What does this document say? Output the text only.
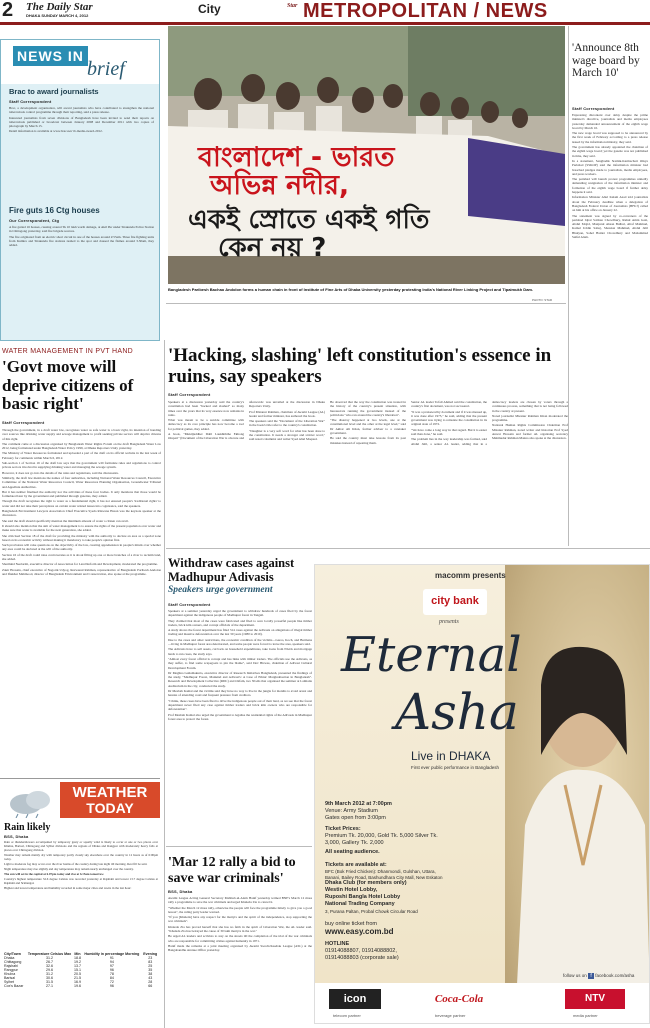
2 The Daily Star
DHAKA SUNDAY MARCH 4, 2012	City	Star METROPOLITAN / NEWS
NEWS IN
brief
Brac to award journalists
Staff Correspondent

Brac, a development organisation, will award journalists who have contributed to strengthen the national tuberculosis control programme through their reporting, said a press release.

Interested journalists from seven divisions of Bangladesh have been invited to send their reports on tuberculosis published or broadcast between January 2008 and December 2011 with two copies of photograph by March 15.

Detail information is available at www.brac.net/ tb-media-award-2012.

Fire guts 16 Ctg houses
Our Correspondent, Ctg

A fire gutted 16 houses, causing around Tk 10 lakh worth damage, at Akil Pur under Sitakunda Police Station in Chittagong yesterday, said fire brigade sources.

The fire originated from an electric short circuit in one of the houses around 2:55am. Three fire fighting units from Kumira and Sitakunda fire stations rushed to the spot and doused the flames around 3.30am, they added.

বাংলাদেশ - ভারত
অভিন্ন নদীর,
একই স্রোতে একই গতি
কেন নয় ?
Bangladesh Paribesh Bachao Andolon forms a human chain in front of Institute of Fine Arts of Dhaka University yesterday protesting India's National River Linking Project and Tipaimukh Dam.
PHOTO: STAR
'Announce 8th wage board by March 10'
Staff Correspondent

Expressing discontent over delay despite the prime minister's directive, journalists and media employees yesterday demanded announcement of the eighth wage board by March 10.

The new wage board was supposed to be announced by the first week of February according to a press release issued by the information ministry, they said.

The government has already appointed the chairman of the eighth wage board; yet the gazette was not published in time, they said.

In a statement, Sangbadik Sramik-Karmachari Oikya Parishad (SSKOP) said the information minister had breached pledges made to journalists, media employees, and press workers.

The parishad will launch protest programmes unitedly demanding resignation of the information minister and formation of the eighth wage board if further delay happens it said.

Information Minister Abul Kalam Azad told journalists about the February deadline when a delegation of Bangladesh Federal Union of Journalists (BFUJ) called on him at his office on January 22.

The statement was signed by co-conveners of the parishad Iqbal Sobhan Chowdhury, Ruhul Amin Gazi, Abdul Mojid, Manjurul Ahsan Bulbul, Altaf Mahmud, Kamal Uddin Sabuj, Shawkat Mahmud, Abdul Jalil Bhuiyan, Sohel Haider Chowdhury and Mohammad Saiful Alam.

WATER MANAGEMENT IN PVT HAND
'Govt move will deprive citizens of basic right'
Staff Correspondent

Through the government, in a draft water law, recognises water as safe water is a basic right, its intention of handing over sources like drinking water supply and sewage management to profit seeking private sectors will deprive citizens of this right.

The comment came at a discussion organised by Bangladesh Water Rights Forum on the draft Bangladesh Water Law 2012, being formulated under Bangladesh Water Policy 1999, at Dhaka Reporters Unity yesterday.

The Ministry of Water Resources formulated and uploaded a part of the draft on its official website in the last week of February for comments within March 6, 2012.

Sub-section 1 of Section 16 of the draft law says that the government will formulate rules and regulations to control private sectors involved in supplying drinking water and managing the sewage system.

However, it does not go into the details of the rules and regulations, said the discussants.

Similarly, the draft law mentions the names of four authorities, including National Water Resources Council, Executive Committee of the National Water Resources Council, Water Resources Planning Organisation, Groundwater Tribunal and Appellate Authorities.

But it has neither finalised the authority nor the activities of these four bodies. It only mentions that those would be formulated later by the government and published through gazettes, they added.

Though the draft recognises the right to water as a fundamental right, it has not ensured people's 'traditional rights' to water and did not take their perceptions on certain water related issues into cognisance, said the speakers.

Bangladesh Environment Lawyers Association Chief Executive Syeda Rizwana Hasan was the keynote speaker at the discussion.

She said the draft should specifically mention the minimum amount of water a citizen can avail.

It should also mention that the aim of water management is to ensure the rights of the present population over water and make sure that water is available for the next generation, she added.

She criticised Section 18 of the draft for providing the ministry with the authority to declare an area as a special zone based on its economic activity without making it mandatory to take people's opinion first.

Such provisions will raise questions on the objectivity of the law, creating apprehension in people's minds over whether any area could be declared at the will of the authority.

Section 16 of the draft could raise controversies as it is about filling up one or more branches of a river to reclaim land, she added.

Sharmind Neelormi, executive director of Association for Land Reform and Development, moderated the programme.

Zakir Hossain, chief executive of Nagorik Udyog, Rezwanul Rahman, representative of Bangladesh Poribesh Andolon and Iftekhar Mahmood, director of Bangladesh Environment and Conservation, also spoke at the programme.

'Hacking, slashing' left constitution's essence in ruins, say speakers
Staff Correspondent

Speakers at a discussion yesterday said the country's constitution had been "hacked and slashed" so many times over the years that its very essence now remains in ruins.

What was meant to be a suicide committee with democracy as its core principle has now become a tool for political games, they added.

A book, "Muktijuddher Dalil Laukhiththe Ekhong Otupari" (Document of the Liberation War is obscure and afterwards: was unveiled at the discussion in Dhaka Reporters Unity.

Prof Mizanur Rahman, chairman of Awami League (AL) leader and former minister, has authored the book.

The speakers said the "Document of the Liberation War" in the book's title refer to the country's constitution.

"Daughter is a very soft word for what has been done to the constitution. It needs a stronger and stricter word," said noted columnist and writer Syed Abul Maqsud.

He observed that the way the constitution was treated in the history of the country's present situation, with bureaucrats running the government instead of the politicians "who ran around the country's liberation".

"The disarray happened at two levels, one at the constitutional level and the other at the legal level," said Dr Akbar Ali Khan, former adviser to a caretaker government.

He said the country must take lessons from its past mistakes instead of repeating them.

Senior AL leader Tofail Ahmed said the constitution, the country's first document, was not sacrosanct.

"It was a praiseworthy document and if it was messed up, it was done after 1975," he said, adding that the present government was trying to reinstate the constitution in its original state of 1972.

"We have come a long way in that regard. But it is easier said than done," he said.

The problem lies in the way leadership was formed, said Abdul Jalil, a senior AL leader, adding that in a democracy leaders are chosen by voters through a continuous process, something that is not being followed in the country at present.

Noted journalist Mizanur Rahman Khan moderated the programme.

National Human Rights Commission Chairman Prof Mizanur Rahman, noted writer and historian Prof Syed Anwar Hossain and former AL organising secretary Mahmudur Rahman Manna also spoke at the discussion.

Withdraw cases against Madhupur Adivasis
Speakers urge government
Staff Correspondent

Speakers at a seminar yesterday urged the government to withdraw hundreds of cases filed by the forest department against the indigenous people of Madhupur forest in Tangail.

They claimed that most of the cases were fabricated and filed to save locally powerful people like timber traders, brick kiln owners, and corrupt officials of the department.

A study shows the forest department has filed 314 cases against the Adivasis on allegations of illegal timber trading and massive deforestation over the last 30 years (1980 to 2010).

Due to the cases and other restrictions, the economic condition of the victims—Garos, Koch, and Burmans—living in Madhupur forest area deteriorated, and some people were forced to leave the area, speakers said.

The Adivasis have to sell assets, cut back on household expenditures, take loans from NGOs and mortgage lands to run cases, the study says.

"Almost every forest official is corrupt and has links with timber traders. The officials use the Adivasis, as they suffer, to find some scapegoats to pin the blame", said Dev Biswas, chairman of Adivasi Cultural Development Forum.

Dr Meghna Guhathakurta, executive director of Research Initiatives Bangladesh, presented the findings of the study, "Madhupur Forest, Mankind and Adivasi's: A Case of Ethnic Marginalisation in Bangladesh". Research and Development Collective (RDC) and Oxfam, two NGOs that organised the seminar at Lalmatia Auditorium in the city, conducted the study.

Dr Mesbah Kamal and the victims said they have no way to live in the jungle for months to avoid arrest and hassles of attending court and frequent pressure from creditors.

"I think, these cases have been filed to drive the indigenous people out of their land, as we see that the forest department never filed any case against timber traders and brick kiln owners who are responsible for deforestation".

Prof Mesbah Kamal also urged the government to legalise the residential rights of the Adivasis in Madhupur forest area to protect the forest.

'Mar 12 rally a bid to save war criminals'
BSS, Dhaka

Awami League Acting General Secretary Mahbub-ul-Alam Hanif yesterday termed BNP's March 12 mass rally a programme to save the war criminals and urged Khaleda Zia to cancel it.

"Whether the March 12 mass rally, otherwise the people will face the programme timely to give you a good lesson", the ruling party leader warned.

"If you [Khaleda] have any respect for the martyrs and the spirit of the independence, stop supporting the war criminals".

Khaleda Zia has proved herself that she has no faith in the spirit of Liberation War, the AL leader said. "Khaleda Zia has betrayed the cause of 30 lakh martyrs in the war."

He urged AL leaders and activists to stay on the streets till the completion of the trial of the war criminals who are responsible for committing crimes against humanity in 1971.

Hanif made the remarks at a joint meeting organised by Awami Swechchasebak League (ASL) at the Bangabandhu Avenue Office yesterday.

WEATHER
TODAY
Rain likely
BSS, Dhaka

Rain or thundershowers accompanied by temporary gusty or squally wind is likely to occur at one or two places over Khulna, Barisal, Chittagong and Sylhet divisions and the regions of Dhaka and Rangpur with moderately heavy falls at places over Chittagong division.

Weather may remain mainly dry with temporary partly cloudy sky elsewhere over the country in 12 hours as of 6:00pm today.

Light to moderate fog may occur over the river basins of the country during late night till morning. Rest fill be said.

Night temperature may rise slightly and day temperature may remain nearly unchanged over the country.

The sun will set in the capital at 6.07pm today and rise at 6.15am tomorrow.

Country's highest temperature 32.6 degree Celsius was recorded yesterday at Rajshahi and lowest 13.7 degree Celsius at Rajshahi and Srimangal.

Highest and lowest temperature and humidity recorded in some major cities and towns in the last hour:

City/Town	Temperature Celsius Max	Min	Humidity in percentage Morning	Evening
Dhaka	31.2	18.8	91	23
Chittagong	26.7	19.2	94	83
Rajshahi	32.6	13.7	97	25
Rangpur	29.6	15.1	96	35
Khulna	31.2	20.5	78	38
Barisal	30.6	21.5	84	43
Sylhet	31.5	16.9	72	28
Cox's Bazar	27.1	19.6	96	66
macomm presents
city bank
presents
Eternal
Asha
Live in DHAKA
First ever public performance in Bangladesh
9th March 2012 at 7:00pm
Venue: Army Stadium
Gates open from 3:00pm
Ticket Prices:
Premium Tk. 20,000, Gold Tk. 5,000 Silver Tk. 3,000, Gallery Tk. 2,000
All seating audience.
Tickets are available at:
BFC (Bok Fried Chicken): Dhanmondi, Gulshan, Uttara, Banani, Bailey Road, Bashundhara City Mall, New Eskaton
Dhaka Club (for members only)
Westin Hotel Lobby,
Ruposhi Bangla Hotel Lobby
National Trading Company
3, Purana Paltan, Probal Chowk Circular Road
buy online ticket from
www.easy.com.bd
HOTLINE
01914088807, 01914088802,
01914088803 (corporate sale)
follow us on f facebook.com/asha
icon
telecom partner
Coca-Cola
beverage partner
NTV
media partner
